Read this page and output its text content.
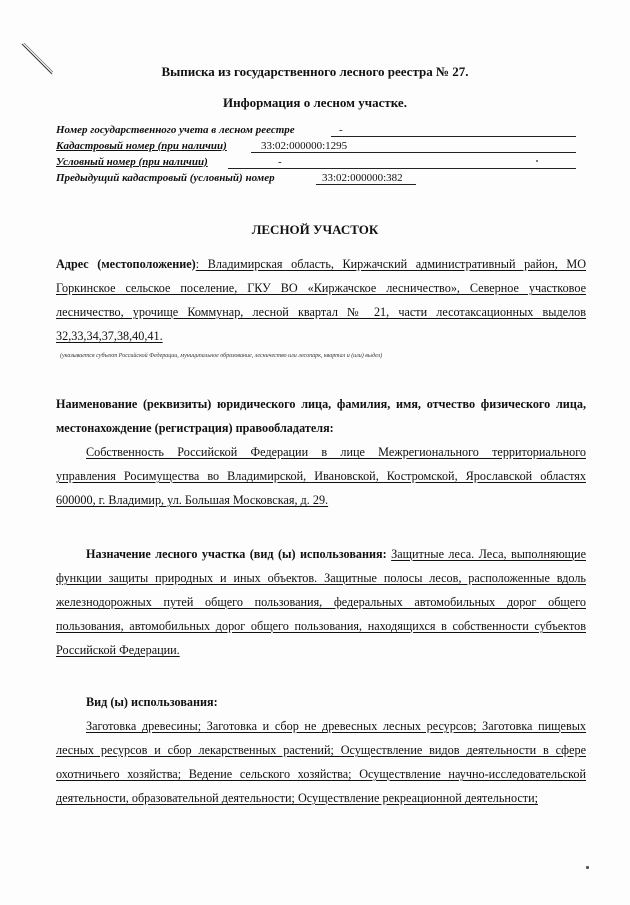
Выписка из государственного лесного реестра № 27.
Информация о лесном участке.
Номер государственного учета в лесном реестре	-
Кадастровый номер (при наличии)	33:02:000000:1295
Условный номер (при наличии)	-
Предыдущий кадастровый (условный) номер	33:02:000000:382
ЛЕСНОЙ УЧАСТОК
Адрес (местоположение): Владимирская область, Киржачский административный район, МО Горкинское сельское поселение, ГКУ ВО «Киржачское лесничество», Северное участковое лесничество, урочище Коммунар, лесной квартал № 21, части лесотаксационных выделов 32,33,34,37,38,40,41.
(указывается субъект Российской Федерации, муниципальное образование, лесничество или лесопарк, квартал и (или) выдел)
Наименование (реквизиты) юридического лица, фамилия, имя, отчество физического лица, местонахождение (регистрация) правообладателя:
Собственность Российской Федерации в лице Межрегионального территориального управления Росимущества во Владимирской, Ивановской, Костромской, Ярославской областях 600000, г. Владимир, ул. Большая Московская, д. 29.
Назначение лесного участка (вид (ы) использования: Защитные леса. Леса, выполняющие функции защиты природных и иных объектов. Защитные полосы лесов, расположенные вдоль железнодорожных путей общего пользования, федеральных автомобильных дорог общего пользования, автомобильных дорог общего пользования, находящихся в собственности субъектов Российской Федерации.
Вид (ы) использования:
Заготовка древесины; Заготовка и сбор не древесных лесных ресурсов; Заготовка пищевых лесных ресурсов и сбор лекарственных растений; Осуществление видов деятельности в сфере охотничьего хозяйства; Ведение сельского хозяйства; Осуществление научно-исследовательской деятельности, образовательной деятельности; Осуществление рекреационной деятельности;
